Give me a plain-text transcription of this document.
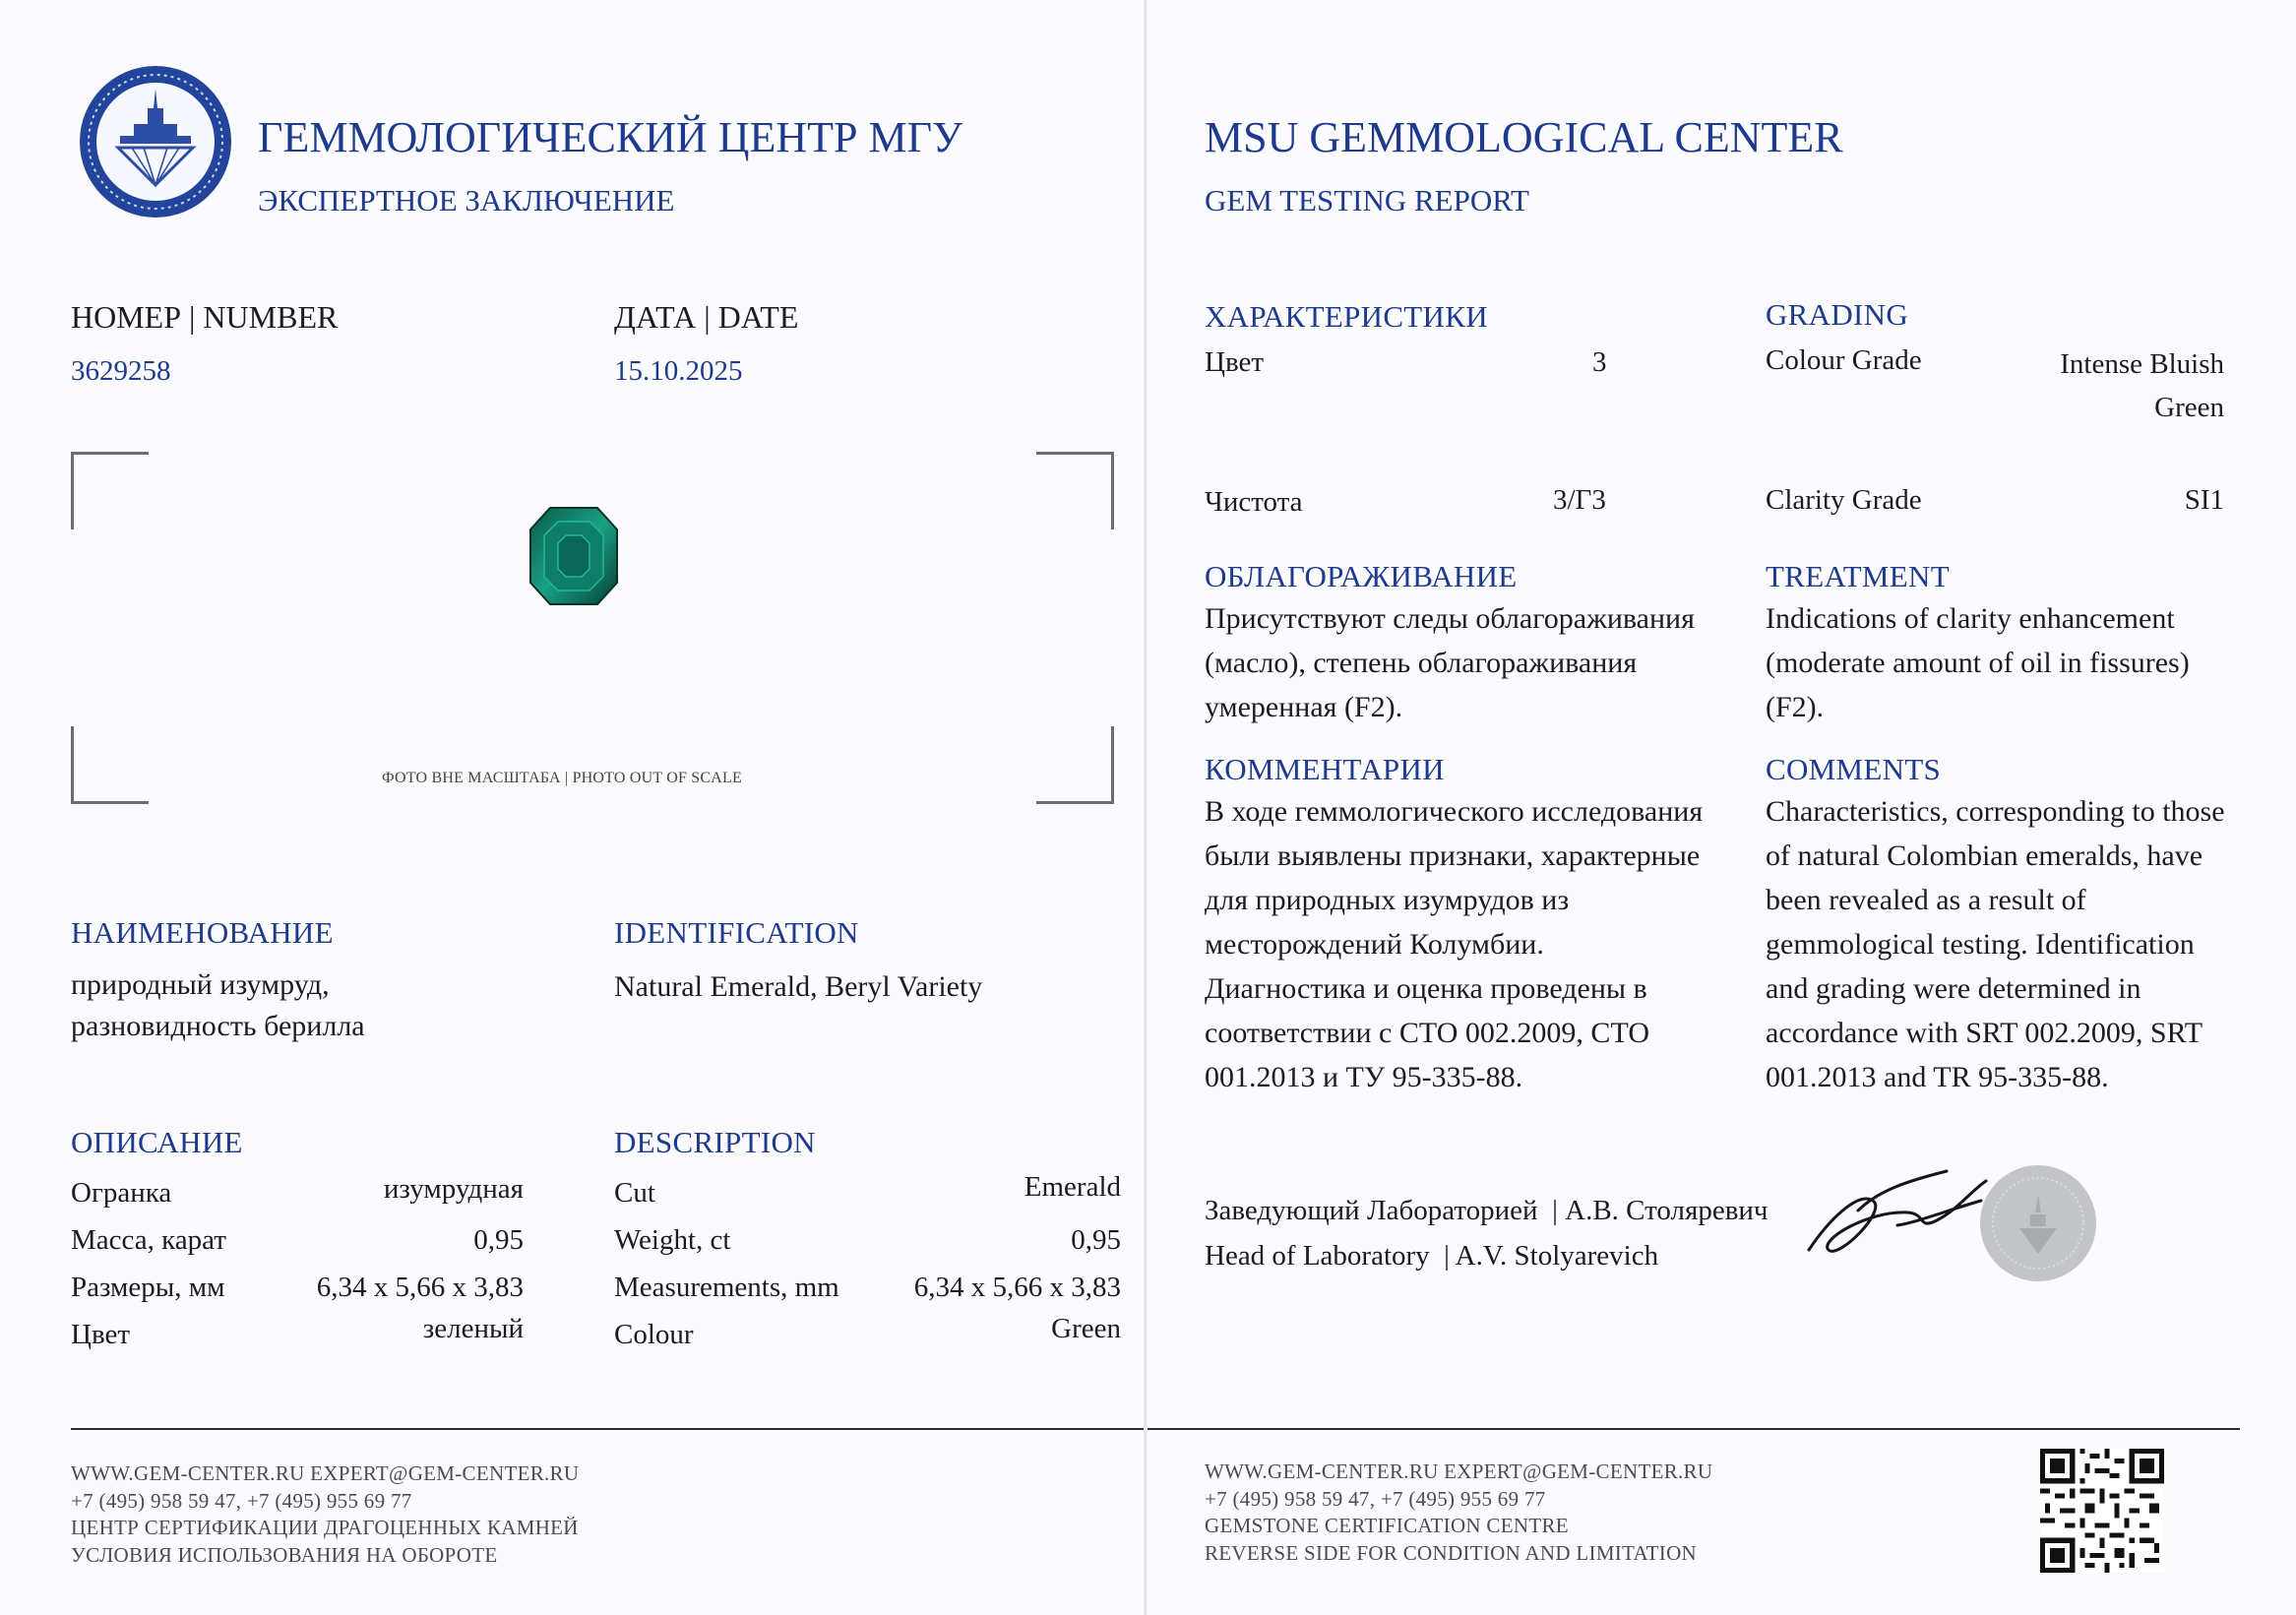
ГЕММОЛОГИЧЕСКИЙ ЦЕНТР МГУ
ЭКСПЕРТНОЕ ЗАКЛЮЧЕНИЕ
НОМЕР | NUMBER
3629258
ДАТА | DATE
15.10.2025
ФОТО ВНЕ МАСШТАБА | PHOTO OUT OF SCALE
НАИМЕНОВАНИЕ
природный изумруд,
разновидность берилла
IDENTIFICATION
Natural Emerald, Beryl Variety
ОПИСАНИЕ
Огранка	изумрудная
Масса, карат	0,95
Размеры, мм	6,34 x 5,66 x 3,83
Цвет	зеленый
DESCRIPTION
Cut	Emerald
Weight, ct	0,95
Measurements, mm	6,34 x 5,66 x 3,83
Colour	Green
WWW.GEM-CENTER.RU EXPERT@GEM-CENTER.RU
+7 (495) 958 59 47, +7 (495) 955 69 77
ЦЕНТР СЕРТИФИКАЦИИ ДРАГОЦЕННЫХ КАМНЕЙ
УСЛОВИЯ ИСПОЛЬЗОВАНИЯ НА ОБОРОТЕ
MSU GEMMOLOGICAL CENTER
GEM TESTING REPORT
ХАРАКТЕРИСТИКИ
Цвет	3
Чистота	3/Г3
GRADING
Colour Grade	Intense Bluish
Green
Clarity Grade	SI1
ОБЛАГОРАЖИВАНИЕ
Присутствуют следы облагораживания
(масло), степень облагораживания
умеренная (F2).
TREATMENT
Indications of clarity enhancement
(moderate amount of oil in fissures)
(F2).
КОММЕНТАРИИ
В ходе геммологического исследования
были выявлены признаки, характерные
для природных изумрудов из
месторождений Колумбии.
Диагностика и оценка проведены в
соответствии с СТО 002.2009, СТО
001.2013 и ТУ 95-335-88.
COMMENTS
Characteristics, corresponding to those
of natural Colombian emeralds, have
been revealed as a result of
gemmological testing. Identification
and grading were determined in
accordance with SRT 002.2009, SRT
001.2013 and TR 95-335-88.
Заведующий Лабораторией  | А.В. Столяревич
Head of Laboratory  | A.V. Stolyarevich
WWW.GEM-CENTER.RU EXPERT@GEM-CENTER.RU
+7 (495) 958 59 47, +7 (495) 955 69 77
GEMSTONE CERTIFICATION CENTRE
REVERSE SIDE FOR CONDITION AND LIMITATION
